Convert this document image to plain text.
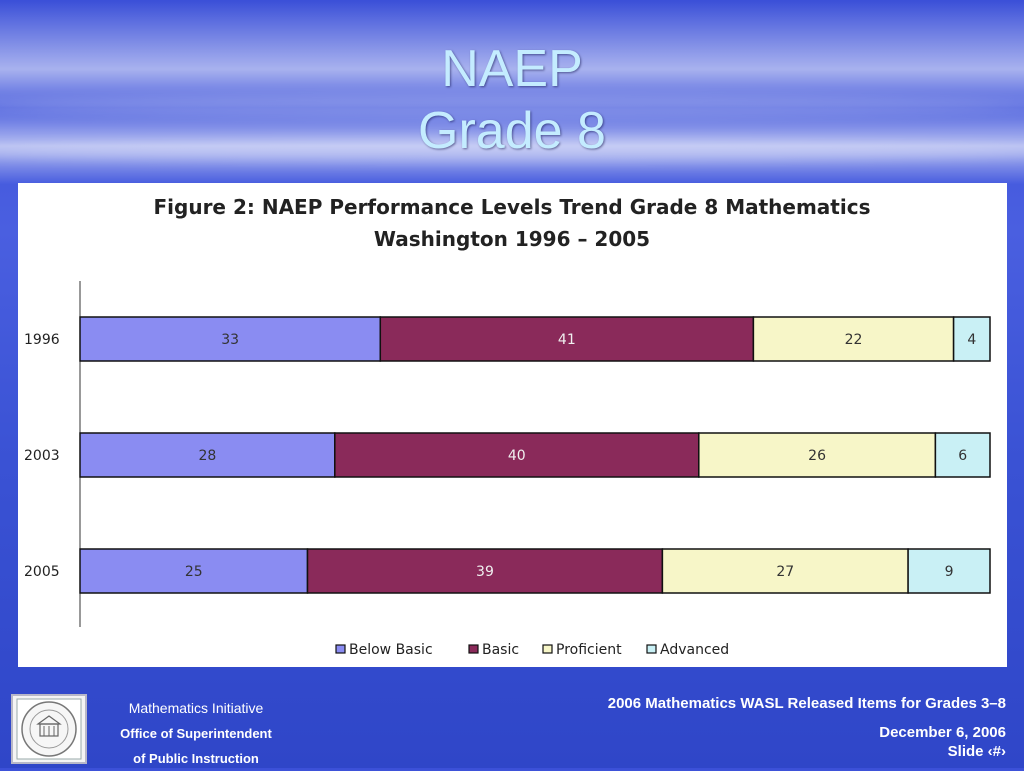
NAEP
Grade 8
Figure 2: NAEP Performance Levels Trend Grade 8 Mathematics
Washington 1996 – 2005
1996	33	41	22	4
2003	28	40	26	6
2005	25	39	27	9
Below Basic	Basic	Proficient	Advanced
Mathematics Initiative
Office of Superintendent
of Public Instruction
2006 Mathematics WASL Released Items for Grades 3–8
December 6, 2006
Slide ‹#›
